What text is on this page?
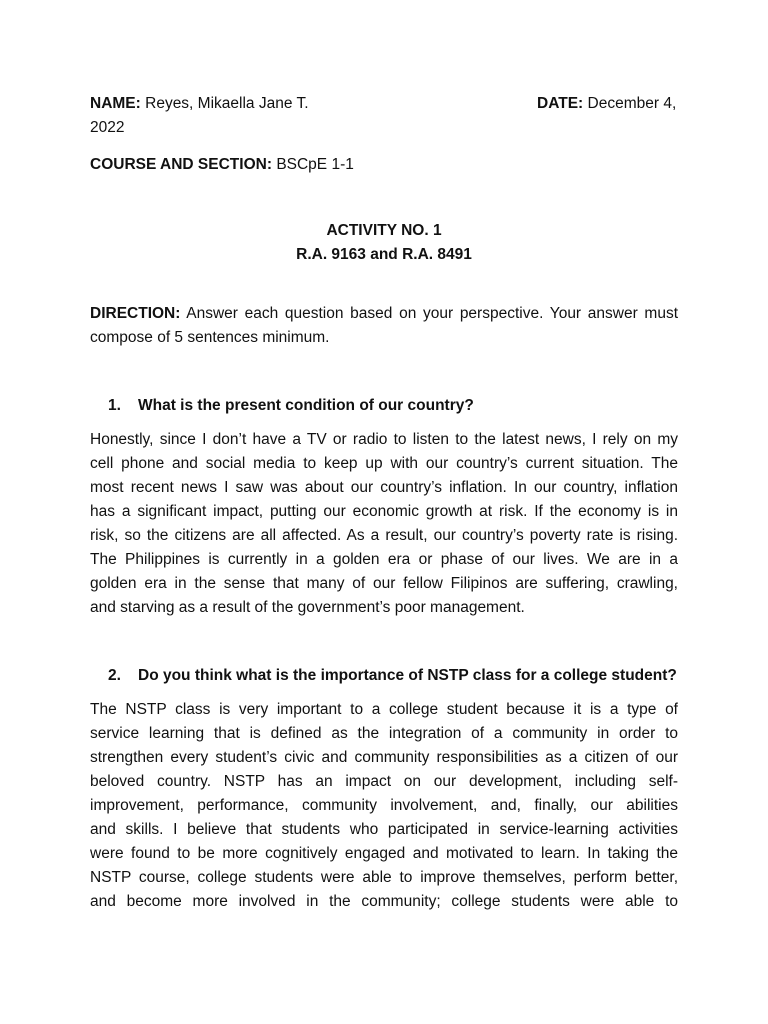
NAME: Reyes, Mikaella Jane T.	DATE: December 4,
2022
COURSE AND SECTION: BSCpE 1-1
ACTIVITY NO. 1
R.A. 9163 and R.A. 8491
DIRECTION: Answer each question based on your perspective. Your answer must
compose of 5 sentences minimum.
1. What is the present condition of our country?
Honestly, since I don’t have a TV or radio to listen to the latest news, I rely on my
cell phone and social media to keep up with our country’s current situation. The
most recent news I saw was about our country’s inflation. In our country, inflation
has a significant impact, putting our economic growth at risk. If the economy is in
risk, so the citizens are all affected. As a result, our country’s poverty rate is rising.
The Philippines is currently in a golden era or phase of our lives. We are in a
golden era in the sense that many of our fellow Filipinos are suffering, crawling,
and starving as a result of the government’s poor management.
2. Do you think what is the importance of NSTP class for a college student?
The NSTP class is very important to a college student because it is a type of
service learning that is defined as the integration of a community in order to
strengthen every student’s civic and community responsibilities as a citizen of our
beloved country. NSTP has an impact on our development, including self-
improvement, performance, community involvement, and, finally, our abilities
and skills. I believe that students who participated in service-learning activities
were found to be more cognitively engaged and motivated to learn. In taking the
NSTP course, college students were able to improve themselves, perform better,
and become more involved in the community; college students were able to
